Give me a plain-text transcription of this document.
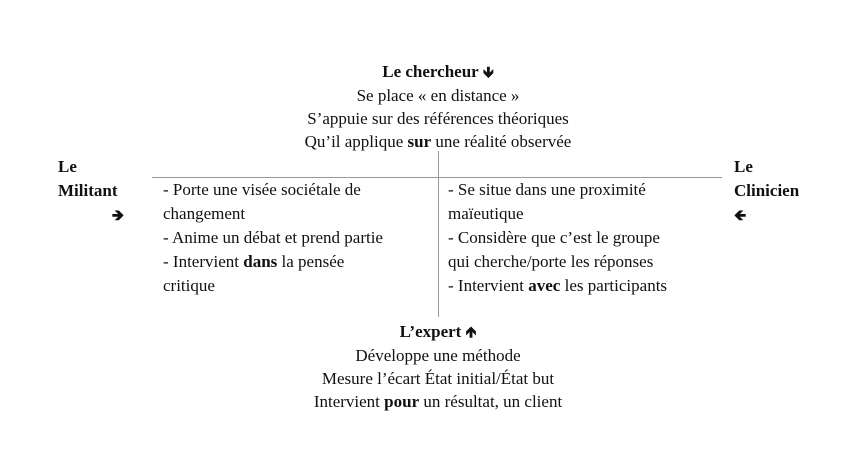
Le chercheur 🡻
Se place « en distance »
S’appuie sur des références théoriques
Qu’il applique sur une réalité observée
Le
Militant
🡺
Le
Clinicien
🡸
- Porte une visée sociétale de
changement
- Anime un débat et prend partie
- Intervient dans la pensée
critique
- Se situe dans une proximité
maïeutique
- Considère que c’est le groupe
qui cherche/porte les réponses
- Intervient avec les participants
L’expert 🡹
Développe une méthode
Mesure l’écart État initial/État but
Intervient pour un résultat, un client
